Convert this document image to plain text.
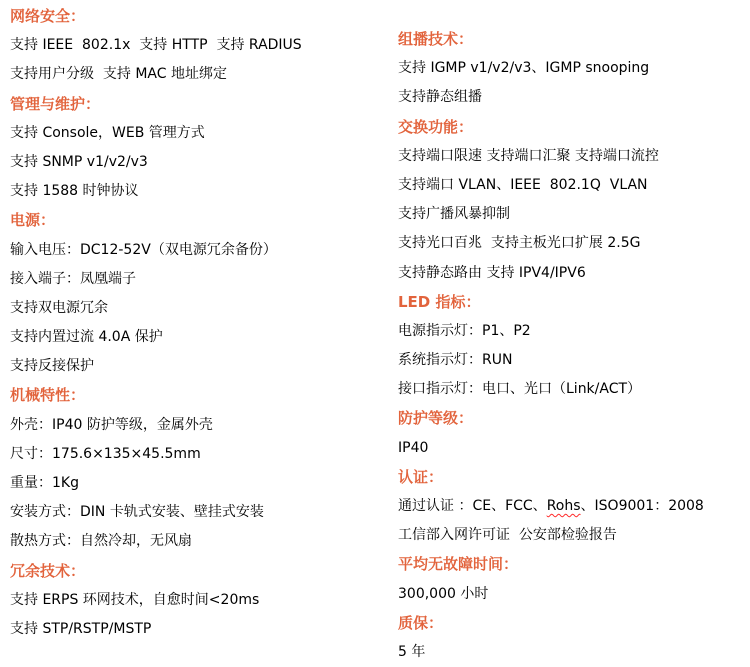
网络安全：
支持 IEEE  802.1x  支持 HTTP  支持 RADIUS
支持用户分级  支持 MAC 地址绑定
管理与维护：
支持 Console，WEB 管理方式
支持 SNMP v1/v2/v3
支持 1588 时钟协议
电源：
输入电压：DC12-52V（双电源冗余备份）
接入端子：凤凰端子
支持双电源冗余
支持内置过流 4.0A 保护
支持反接保护
机械特性：
外壳：IP40 防护等级，金属外壳
尺寸：175.6×135×45.5mm
重量：1Kg
安装方式：DIN 卡轨式安装、壁挂式安装
散热方式：自然冷却，无风扇
冗余技术：
支持 ERPS 环网技术，自愈时间<20ms
支持 STP/RSTP/MSTP
组播技术：
支持 IGMP v1/v2/v3、IGMP snooping
支持静态组播
交换功能：
支持端口限速 支持端口汇聚 支持端口流控
支持端口 VLAN、IEEE  802.1Q  VLAN
支持广播风暴抑制
支持光口百兆  支持主板光口扩展 2.5G
支持静态路由 支持 IPV4/IPV6
LED 指标：
电源指示灯：P1、P2
系统指示灯：RUN
接口指示灯：电口、光口（Link/ACT）
防护等级：
IP40
认证：
通过认证 ：CE、FCC、Rohs、ISO9001：2008
工信部入网许可证  公安部检验报告
平均无故障时间：
300,000 小时
质保：
5 年
